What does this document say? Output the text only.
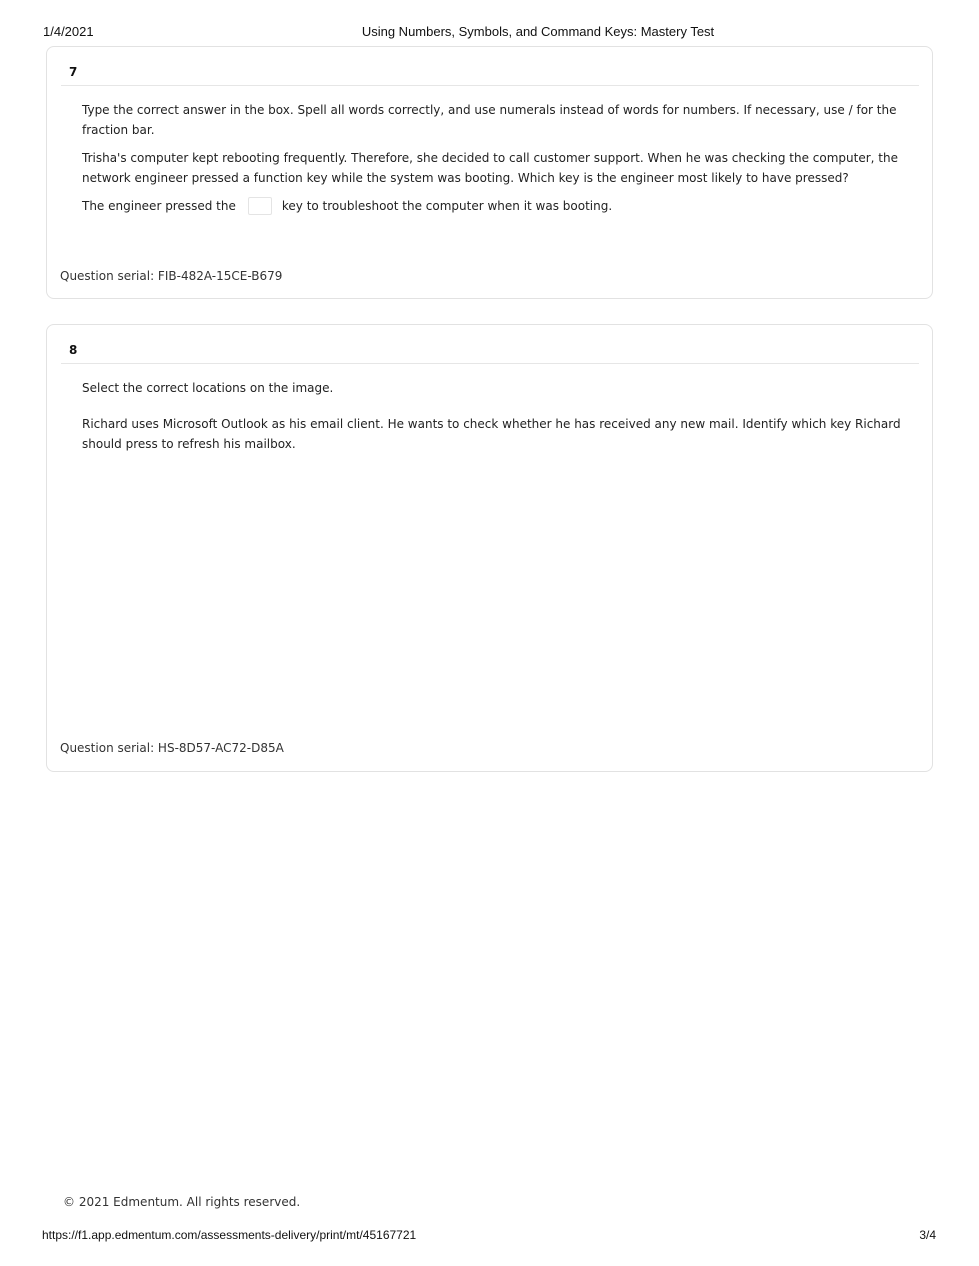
1/4/2021	Using Numbers, Symbols, and Command Keys: Mastery Test
7

Type the correct answer in the box. Spell all words correctly, and use numerals instead of words for numbers. If necessary, use / for the fraction bar.

Trisha's computer kept rebooting frequently. Therefore, she decided to call customer support. When he was checking the computer, the network engineer pressed a function key while the system was booting. Which key is the engineer most likely to have pressed?

The engineer pressed the	key to troubleshoot the computer when it was booting.
Question serial: FIB-482A-15CE-B679
8

Select the correct locations on the image.

Richard uses Microsoft Outlook as his email client. He wants to check whether he has received any new mail. Identify which key Richard should press to refresh his mailbox.

Question serial: HS-8D57-AC72-D85A
© 2021 Edmentum. All rights reserved.
https://f1.app.edmentum.com/assessments-delivery/print/mt/45167721	3/4
